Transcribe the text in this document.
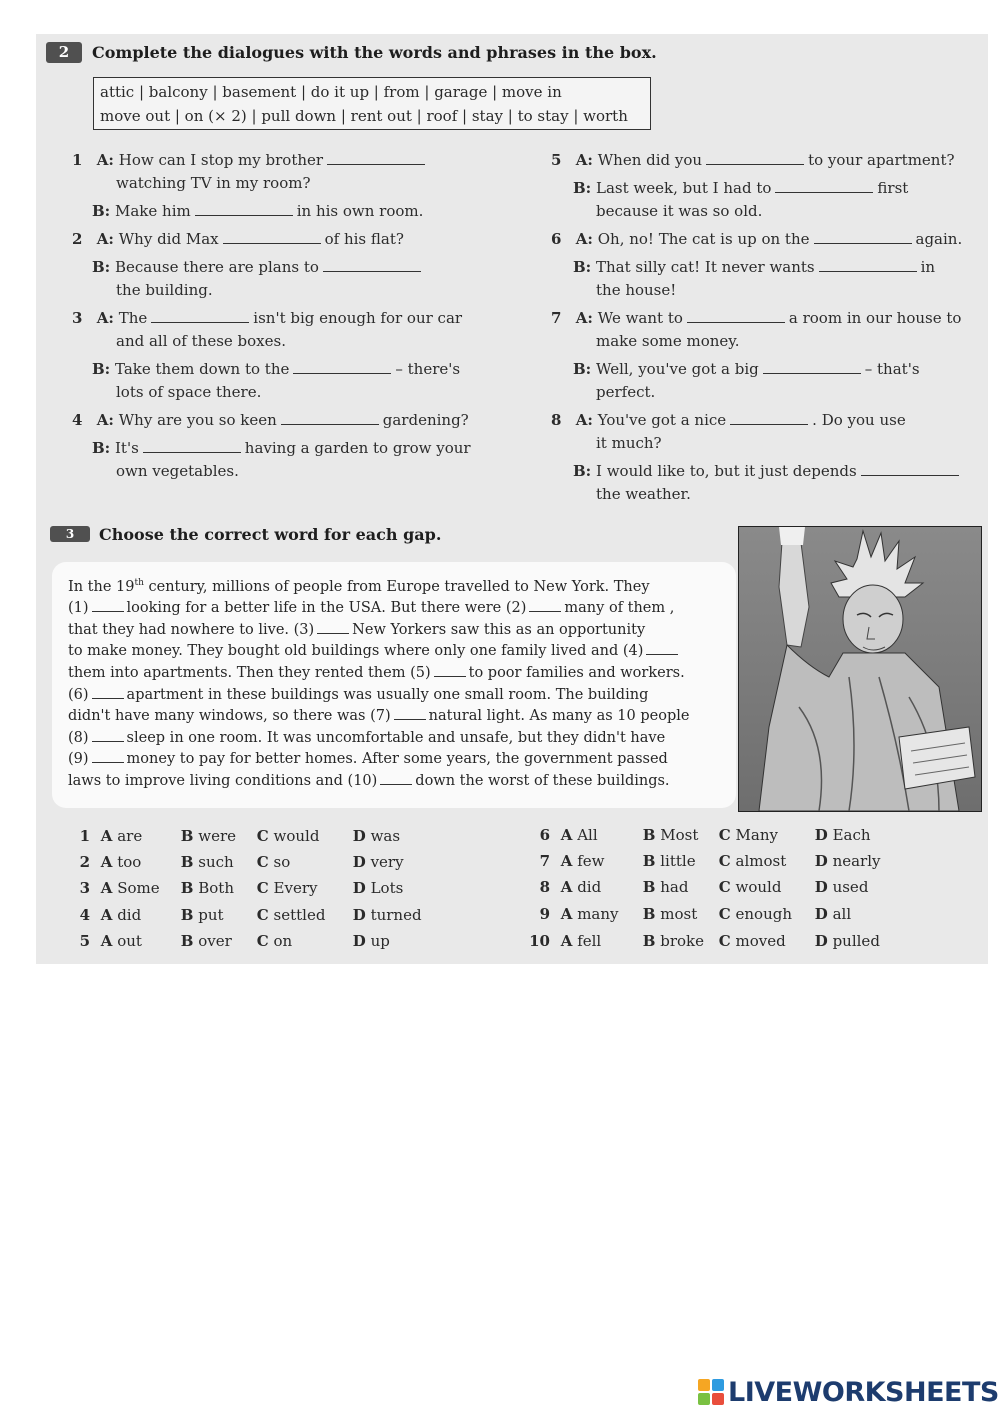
2	Complete the dialogues with the words and phrases in the box.
attic | balcony | basement | do it up | from | garage | move in
move out | on (× 2) | pull down | rent out | roof | stay | to stay | worth
1 A: How can I stop my brother
watching TV in my room?
B: Make him	in his own room.
2 A: Why did Max	of his flat?
B: Because there are plans to
the building.
3 A: The	isn't big enough for our car
and all of these boxes.
B: Take them down to the	– there's
lots of space there.
4 A: Why are you so keen	gardening?
B: It's	having a garden to grow your
own vegetables.
5 A: When did you	to your apartment?
B: Last week, but I had to	first
because it was so old.
6 A: Oh, no! The cat is up on the	again.
B: That silly cat! It never wants	in
the house!
7 A: We want to	a room in our house to
make some money.
B: Well, you've got a big	– that's
perfect.
8 A: You've got a nice	. Do you use
it much?
B: I would like to, but it just depends
the weather.
3	Choose the correct word for each gap.
In the 19th century, millions of people from Europe travelled to New York. They
(1)	looking for a better life in the USA. But there were (2)	many of them ,
that they had nowhere to live. (3)	New Yorkers saw this as an opportunity
to make money. They bought old buildings where only one family lived and (4)
them into apartments. Then they rented them (5)	to poor families and workers.
(6)	apartment in these buildings was usually one small room. The building
didn't have many windows, so there was (7)	natural light. As many as 10 people
(8)	sleep in one room. It was uncomfortable and unsafe, but they didn't have
(9)	money to pay for better homes. After some years, the government passed
laws to improve living conditions and (10)	down the worst of these buildings.
1 A are	B were C would D was
2 A too	B such C so	D very
3 A Some B Both C Every D Lots
4 A did	B put C settled D turned
5 A out	B over C on	D up
6 A All	B Most C Many D Each
7 A few	B little C almost D nearly
8 A did	B had C would D used
9 A many B most C enough D all
10 A fell	B broke C moved D pulled
LIVEWORKSHEETS
